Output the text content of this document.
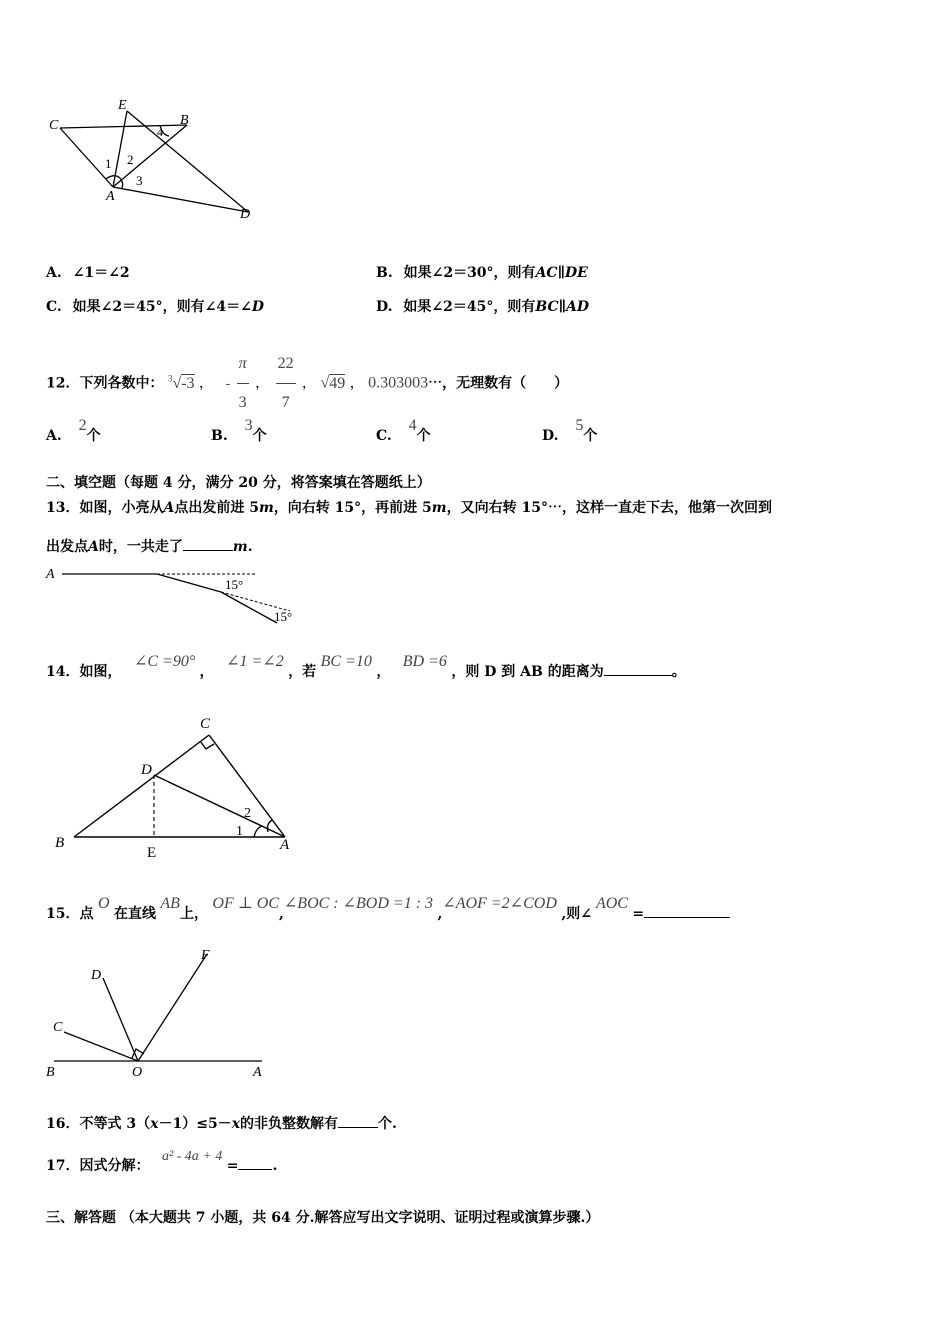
C
E
B
A
D
1 2
3
4
A. ∠1＝∠2	B. 如果∠2＝30°，则有AC∥DE
C. 如果∠2＝45°，则有∠4＝∠D	D. 如果∠2＝45°，则有BC∥AD
12．下列各数中： $^3$√-3 ， - $\frac{\pi}{3}$ ， $\frac{22}{7}$ ， √49 ， 0.303003⋯，无理数有（　　）
A. 2个	B. 3个	C. 4个	D. 5个
二、填空题（每题 4 分，满分 20 分，将答案填在答题纸上）
13．如图，小亮从A点出发前进 5m，向右转 15°，再前进 5m，又向右转 15°⋯，这样一直走下去，他第一次回到
出发点A时，一共走了	m.
A
15°
15°
14．如图， ∠C =90° ， ∠1 =∠2 ，若 BC =10 ， BD =6 ，则 D 到 AB 的距离为	。
C
D
B
E	A
1
2
15．点 O 在直线 AB上， OF ⊥ OC,∠BOC : ∠BOD =1 : 3 ,∠AOF =2∠COD ,则∠AOC =
D
F
C
B	O	A
16．不等式 3（x－1）≤5－x的非负整数解有	个.
17．因式分解： a² - 4a + 4 = .
三、解答题 （本大题共 7 小题，共 64 分.解答应写出文字说明、证明过程或演算步骤.）
